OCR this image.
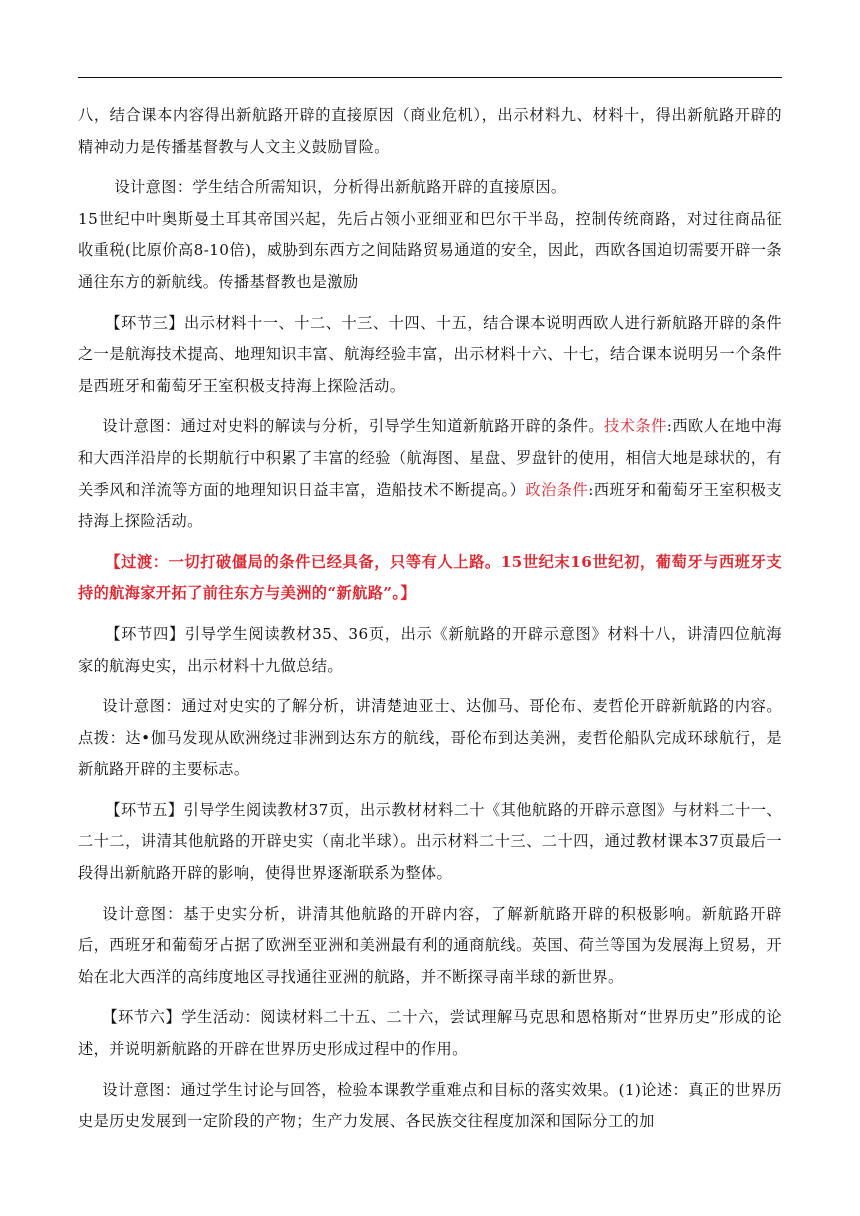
八，结合课本内容得出新航路开辟的直接原因（商业危机），出示材料九、材料十，得出新航路开辟的精神动力是传播基督教与人文主义鼓励冒险。

设计意图：学生结合所需知识，分析得出新航路开辟的直接原因。

15世纪中叶奥斯曼土耳其帝国兴起，先后占领小亚细亚和巴尔干半岛，控制传统商路，对过往商品征收重税(比原价高8-10倍)，威胁到东西方之间陆路贸易通道的安全，因此，西欧各国迫切需要开辟一条通往东方的新航线。传播基督教也是激励

【环节三】出示材料十一、十二、十三、十四、十五，结合课本说明西欧人进行新航路开辟的条件之一是航海技术提高、地理知识丰富、航海经验丰富，出示材料十六、十七，结合课本说明另一个条件是西班牙和葡萄牙王室积极支持海上探险活动。

设计意图：通过对史料的解读与分析，引导学生知道新航路开辟的条件。技术条件:西欧人在地中海和大西洋沿岸的长期航行中积累了丰富的经验（航海图、星盘、罗盘针的使用，相信大地是球状的，有关季风和洋流等方面的地理知识日益丰富，造船技术不断提高。）政治条件:西班牙和葡萄牙王室积极支持海上探险活动。

【过渡：一切打破僵局的条件已经具备，只等有人上路。15世纪末16世纪初，葡萄牙与西班牙支持的航海家开拓了前往东方与美洲的“新航路”。】

【环节四】引导学生阅读教材35、36页，出示《新航路的开辟示意图》材料十八，讲清四位航海家的航海史实，出示材料十九做总结。

设计意图：通过对史实的了解分析，讲清楚迪亚士、达伽马、哥伦布、麦哲伦开辟新航路的内容。点拨：达•伽马发现从欧洲绕过非洲到达东方的航线，哥伦布到达美洲，麦哲伦船队完成环球航行，是新航路开辟的主要标志。

【环节五】引导学生阅读教材37页，出示教材材料二十《其他航路的开辟示意图》与材料二十一、二十二，讲清其他航路的开辟史实（南北半球）。出示材料二十三、二十四，通过教材课本37页最后一段得出新航路开辟的影响，使得世界逐渐联系为整体。

设计意图：基于史实分析，讲清其他航路的开辟内容，了解新航路开辟的积极影响。新航路开辟后，西班牙和葡萄牙占据了欧洲至亚洲和美洲最有利的通商航线。英国、荷兰等国为发展海上贸易，开始在北大西洋的高纬度地区寻找通往亚洲的航路，并不断探寻南半球的新世界。

【环节六】学生活动：阅读材料二十五、二十六，尝试理解马克思和恩格斯对“世界历史”形成的论述，并说明新航路的开辟在世界历史形成过程中的作用。

设计意图：通过学生讨论与回答，检验本课教学重难点和目标的落实效果。(1)论述：真正的世界历史是历史发展到一定阶段的产物；生产力发展、各民族交往程度加深和国际分工的加
